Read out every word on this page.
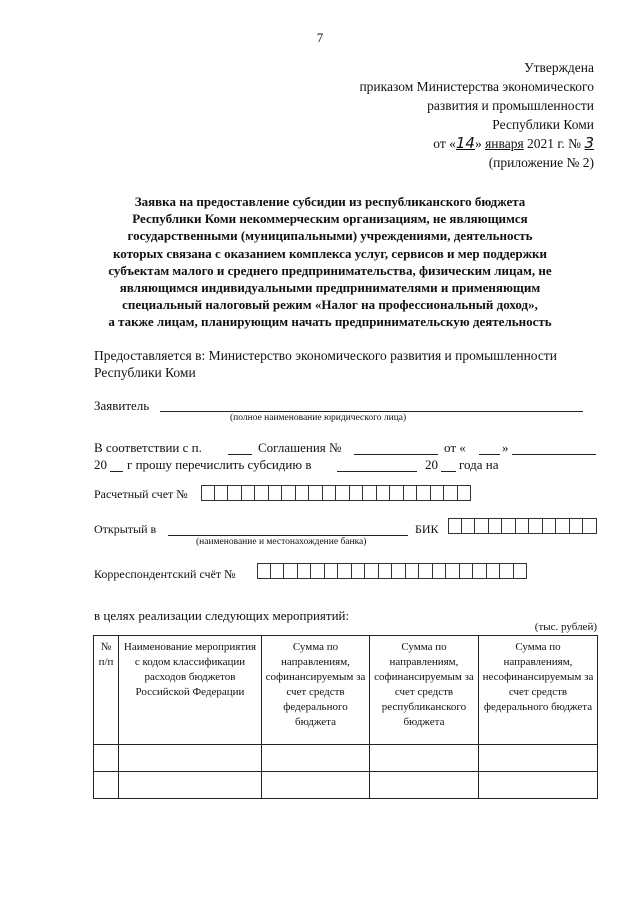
7
Утверждена
приказом Министерства экономического
развития и промышленности
Республики Коми
от «14» января 2021 г. № 3
(приложение № 2)
Заявка на предоставление субсидии из республиканского бюджета
Республики Коми некоммерческим организациям, не являющимся
государственными (муниципальными) учреждениями, деятельность
которых связана с оказанием комплекса услуг, сервисов и мер поддержки
субъектам малого и среднего предпринимательства, физическим лицам, не
являющимся индивидуальными предпринимателями и применяющим
специальный налоговый режим «Налог на профессиональный доход»,
а также лицам, планирующим начать предпринимательскую деятельность
Предоставляется в: Министерство экономического развития и промышленности Республики Коми
Заявитель
(полное наименование юридического лица)
В соответствии с п.	Соглашения №	от «	»
20 г прошу перечислить субсидию в	20 года на
Расчетный счет №
Открытый в	БИК
(наименование и местонахождение банка)
Корреспондентский счёт №
в целях реализации следующих мероприятий:
(тыс. рублей)
№ п/п	Наименование мероприятия с кодом классификации расходов бюджетов Российской Федерации	Сумма по направлениям, софинансируемым за счет средств федерального бюджета	Сумма по направлениям, софинансируемым за счет средств республиканского бюджета	Сумма по направлениям, несофинансируемым за счет средств федерального бюджета
